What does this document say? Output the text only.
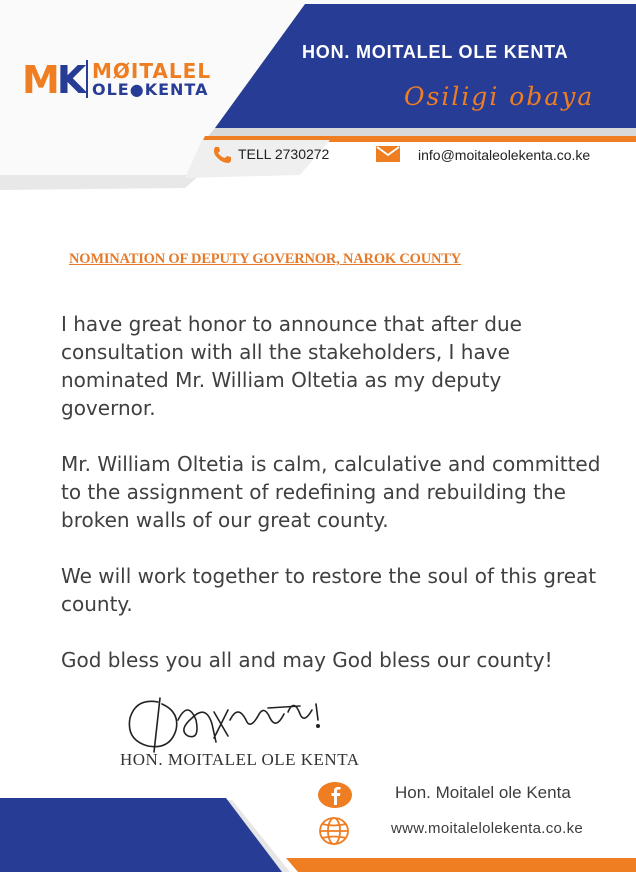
MK MØITALEL
OLE●KENTA
HON. MOITALEL OLE KENTA
Osiligi obaya
TELL 2730272	info@moitaleolekenta.co.ke
NOMINATION OF DEPUTY GOVERNOR, NAROK COUNTY

I have great honor to announce that after due consultation with all the stakeholders, I have nominated Mr. William Oltetia as my deputy governor.

Mr. William Oltetia is calm, calculative and committed to the assignment of redefining and rebuilding the broken walls of our great county.

We will work together to restore the soul of this great county.

God bless you all and may God bless our county!

HON. MOITALEL OLE KENTA
Hon. Moitalel ole Kenta
www.moitalelolekenta.co.ke
